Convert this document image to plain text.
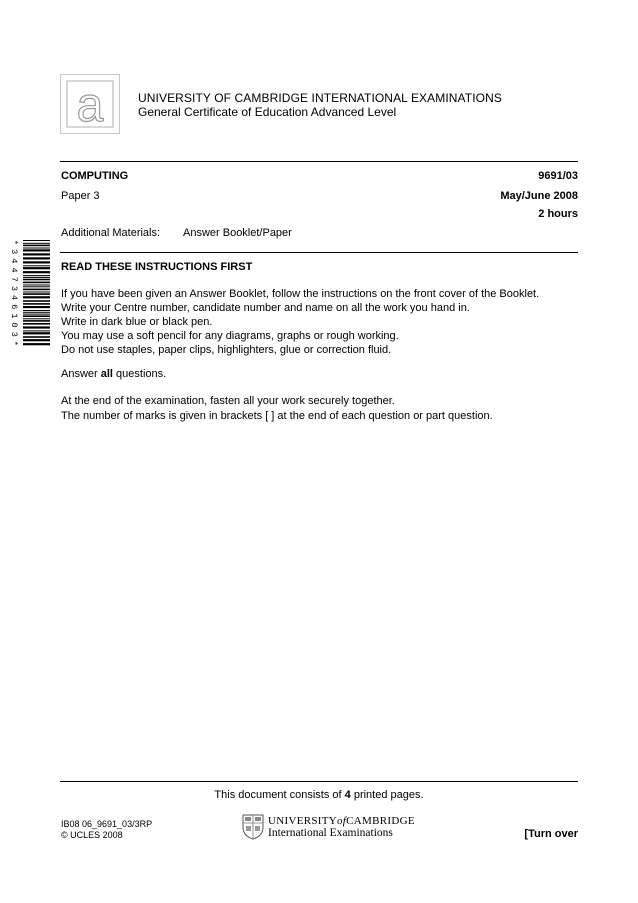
a	UNIVERSITY OF CAMBRIDGE INTERNATIONAL EXAMINATIONS
General Certificate of Education Advanced Level
COMPUTING	9691/03
Paper 3	May/June 2008
2 hours
Additional Materials: Answer Booklet/Paper
*3447346103*
READ THESE INSTRUCTIONS FIRST
If you have been given an Answer Booklet, follow the instructions on the front cover of the Booklet.
Write your Centre number, candidate number and name on all the work you hand in.
Write in dark blue or black pen.
You may use a soft pencil for any diagrams, graphs or rough working.
Do not use staples, paper clips, highlighters, glue or correction fluid.
Answer all questions.
At the end of the examination, fasten all your work securely together.
The number of marks is given in brackets [ ] at the end of each question or part question.
This document consists of 4 printed pages.
IB08 06_9691_03/3RP
© UCLES 2008
UNIVERSITYofCAMBRIDGE
International Examinations	[Turn over
